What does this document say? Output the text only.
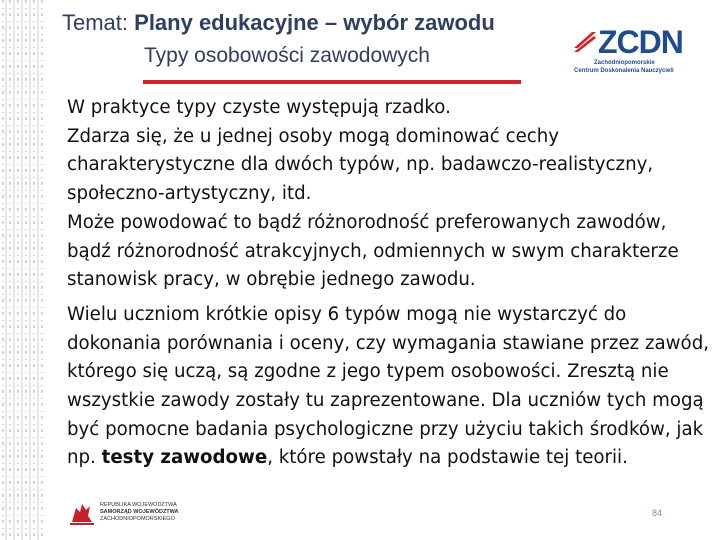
Temat: Plany edukacyjne – wybór zawodu
Typy osobowości zawodowych	ZCDN
Zachodniopomorskie
Centrum Doskonalenia Nauczycieli

W praktyce typy czyste występują rzadko.

Zdarza się, że u jednej osoby mogą dominować cechy charakterystyczne dla dwóch typów, np. badawczo-realistyczny, społeczno-artystyczny, itd.

Może powodować to bądź różnorodność preferowanych zawodów, bądź różnorodność atrakcyjnych, odmiennych w swym charakterze stanowisk pracy, w obrębie jednego zawodu.

Wielu uczniom krótkie opisy 6 typów mogą nie wystarczyć do dokonania porównania i oceny, czy wymagania stawiane przez zawód, którego się uczą, są zgodne z jego typem osobowości. Zresztą nie wszystkie zawody zostały tu zaprezentowane. Dla uczniów tych mogą być pomocne badania psychologiczne przy użyciu takich środków, jak np. testy zawodowe, które powstały na podstawie tej teorii.

REPUBLIKA WOJEWÓDZTWA
SAMORZĄD WOJEWÓDZTWA
ZACHODNIOPOMORSKIEGO
84
